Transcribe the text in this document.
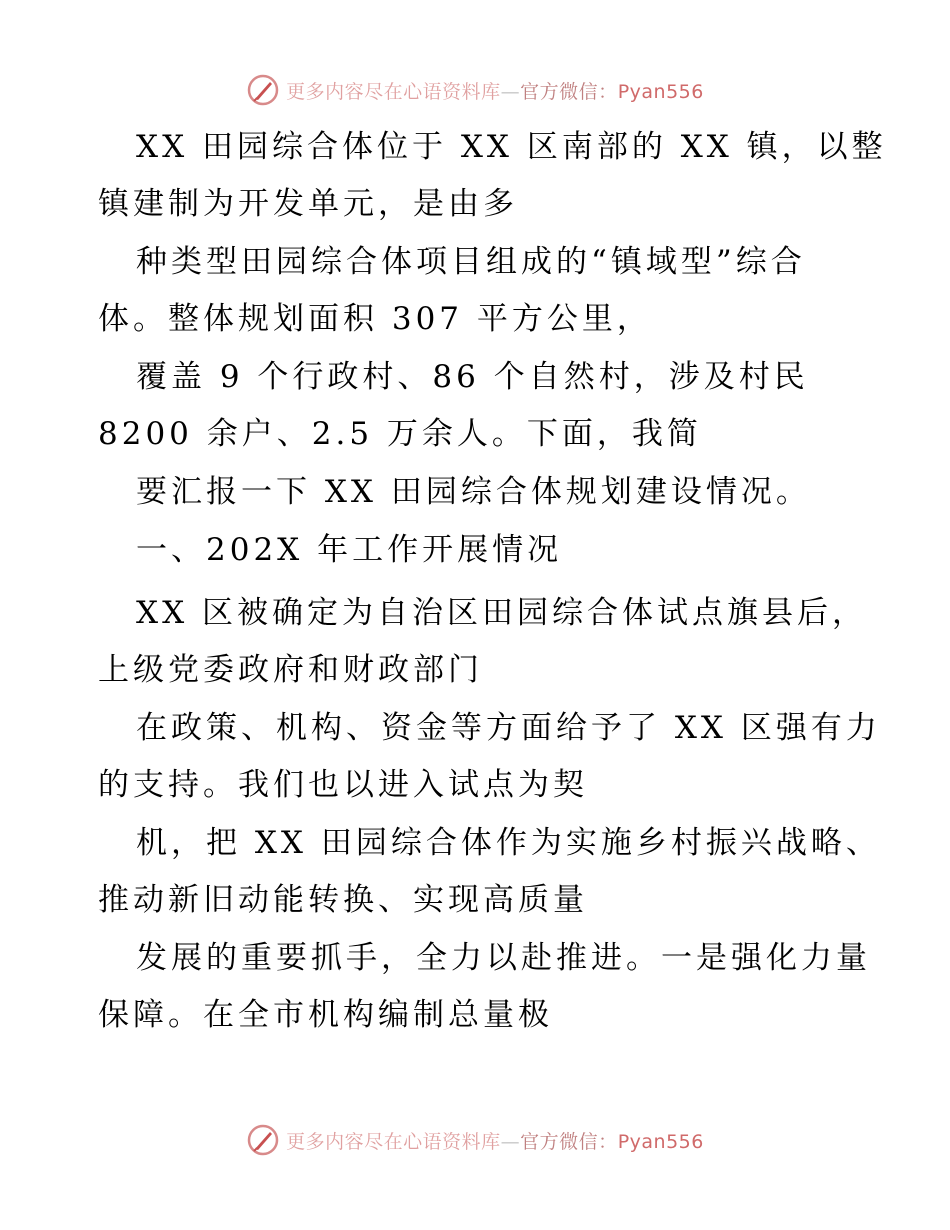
更多内容尽在心语资料库—官方微信：Pyan556
XX 田园综合体位于 XX 区南部的 XX 镇，以整
镇建制为开发单元，是由多
种类型田园综合体项目组成的“镇域型”综合
体。整体规划面积 307 平方公里，
覆盖 9 个行政村、86 个自然村，涉及村民
8200 余户、2.5 万余人。下面，我简
要汇报一下 XX 田园综合体规划建设情况。
一、202X 年工作开展情况
XX 区被确定为自治区田园综合体试点旗县后，
上级党委政府和财政部门
在政策、机构、资金等方面给予了 XX 区强有力
的支持。我们也以进入试点为契
机，把 XX 田园综合体作为实施乡村振兴战略、
推动新旧动能转换、实现高质量
发展的重要抓手，全力以赴推进。一是强化力量
保障。在全市机构编制总量极
更多内容尽在心语资料库—官方微信：Pyan556
